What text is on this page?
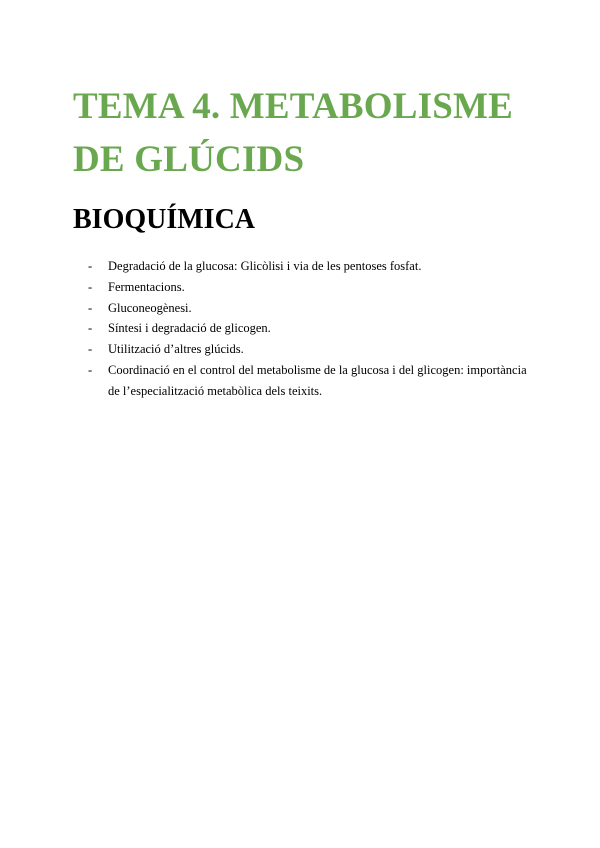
TEMA 4. METABOLISME
DE GLÚCIDS
BIOQUÍMICA
- Degradació de la glucosa: Glicòlisi i via de les pentoses fosfat.
- Fermentacions.
- Gluconeogènesi.
- Síntesi i degradació de glicogen.
- Utilització d’altres glúcids.
- Coordinació en el control del metabolisme de la glucosa i del glicogen: importància de l’especialització metabòlica dels teixits.
